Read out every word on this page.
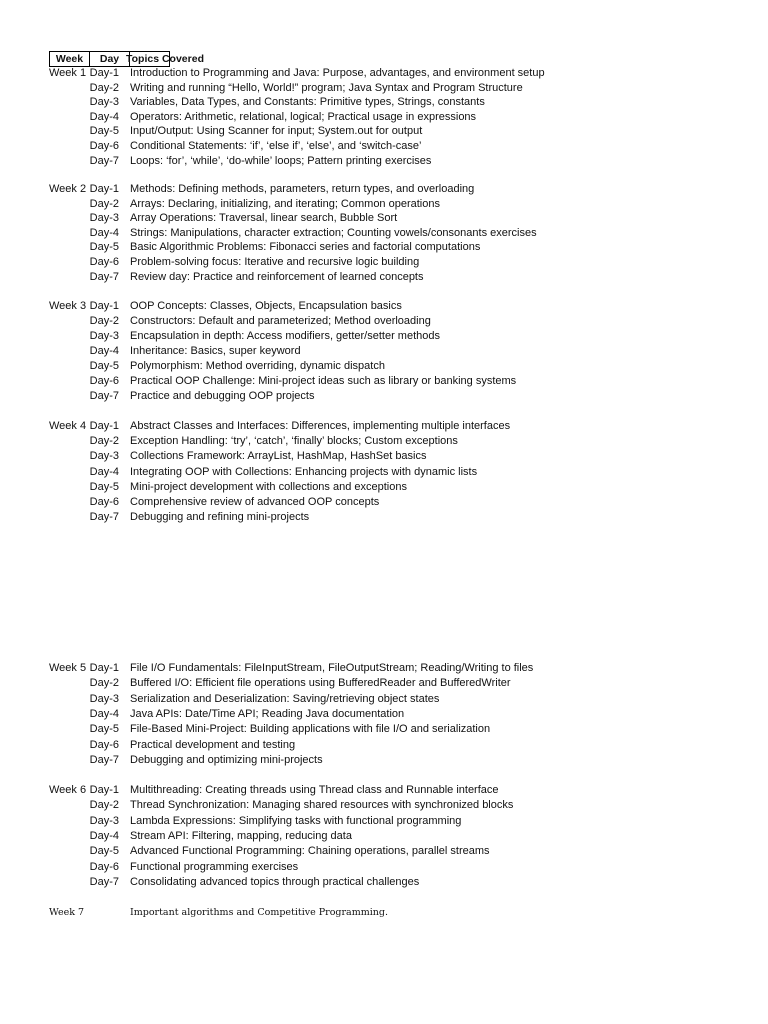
Week	Day Topics Covered
Week 1 Day-1 Introduction to Programming and Java: Purpose, advantages, and environment setup
Day-2 Writing and running “Hello, World!” program; Java Syntax and Program Structure
Day-3 Variables, Data Types, and Constants: Primitive types, Strings, constants
Day-4 Operators: Arithmetic, relational, logical; Practical usage in expressions
Day-5 Input/Output: Using Scanner for input; System.out for output
Day-6 Conditional Statements: ‘if’, ‘else if’, ‘else’, and ‘switch-case’
Day-7 Loops: ‘for’, ‘while’, ‘do-while’ loops; Pattern printing exercises
Week 2 Day-1 Methods: Defining methods, parameters, return types, and overloading
Day-2 Arrays: Declaring, initializing, and iterating; Common operations
Day-3 Array Operations: Traversal, linear search, Bubble Sort
Day-4 Strings: Manipulations, character extraction; Counting vowels/consonants exercises
Day-5 Basic Algorithmic Problems: Fibonacci series and factorial computations
Day-6 Problem-solving focus: Iterative and recursive logic building
Day-7 Review day: Practice and reinforcement of learned concepts
Week 3 Day-1 OOP Concepts: Classes, Objects, Encapsulation basics
Day-2 Constructors: Default and parameterized; Method overloading
Day-3 Encapsulation in depth: Access modifiers, getter/setter methods
Day-4 Inheritance: Basics, super keyword
Day-5 Polymorphism: Method overriding, dynamic dispatch
Day-6 Practical OOP Challenge: Mini-project ideas such as library or banking systems
Day-7 Practice and debugging OOP projects
Week 4 Day-1 Abstract Classes and Interfaces: Differences, implementing multiple interfaces
Day-2 Exception Handling: ‘try’, ‘catch’, ‘finally’ blocks; Custom exceptions
Day-3 Collections Framework: ArrayList, HashMap, HashSet basics
Day-4 Integrating OOP with Collections: Enhancing projects with dynamic lists
Day-5 Mini-project development with collections and exceptions
Day-6 Comprehensive review of advanced OOP concepts
Day-7 Debugging and refining mini-projects
Week 5 Day-1 File I/O Fundamentals: FileInputStream, FileOutputStream; Reading/Writing to files
Day-2 Buffered I/O: Efficient file operations using BufferedReader and BufferedWriter
Day-3 Serialization and Deserialization: Saving/retrieving object states
Day-4 Java APIs: Date/Time API; Reading Java documentation
Day-5 File-Based Mini-Project: Building applications with file I/O and serialization
Day-6 Practical development and testing
Day-7 Debugging and optimizing mini-projects
Week 6 Day-1 Multithreading: Creating threads using Thread class and Runnable interface
Day-2 Thread Synchronization: Managing shared resources with synchronized blocks
Day-3 Lambda Expressions: Simplifying tasks with functional programming
Day-4 Stream API: Filtering, mapping, reducing data
Day-5 Advanced Functional Programming: Chaining operations, parallel streams
Day-6 Functional programming exercises
Day-7 Consolidating advanced topics through practical challenges
Week 7	Important algorithms and Competitive Programming.
